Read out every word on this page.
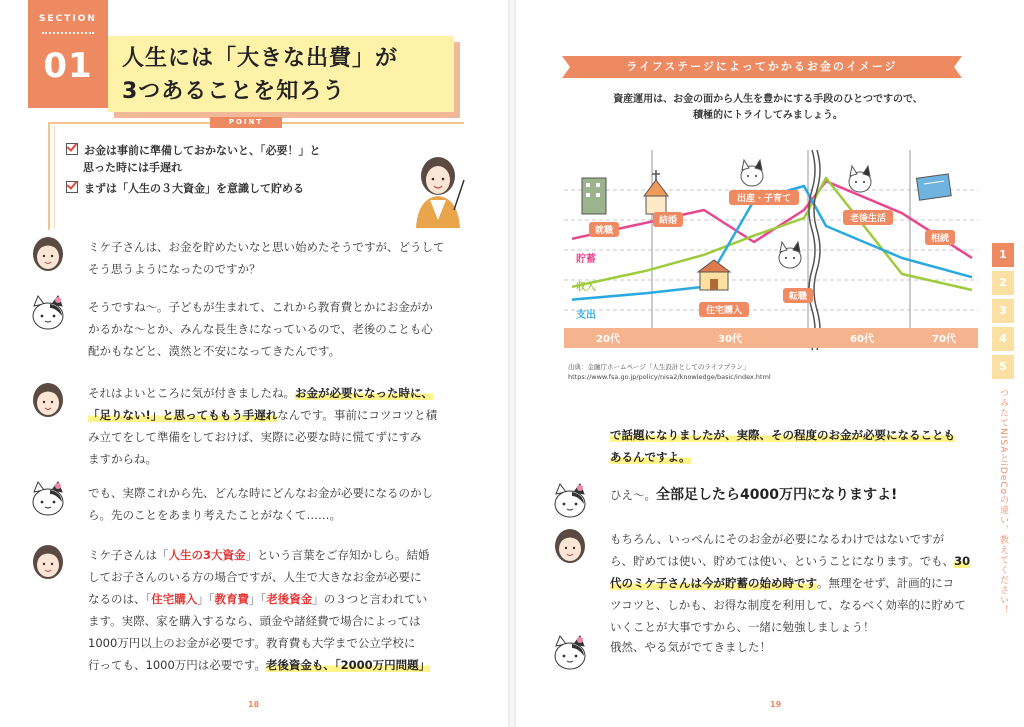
SECTION
01	人生には「大きな出費」が
3つあることを知ろう
POINT
お金は事前に準備しておかないと、「必要！」と
思った時には手遅れ
まずは「人生の３大資金」を意識して貯める
ミケ子さんは、お金を貯めたいなと思い始めたそうですが、どうして
そう思うようになったのですか？
そうですね〜。子どもが生まれて、これから教育費とかにお金がか
かるかな〜とか、みんな長生きになっているので、老後のことも心
配かもなどと、漠然と不安になってきたんです。
それはよいところに気が付きましたね。お金が必要になった時に、
「足りない!」と思ってももう手遅れなんです。事前にコツコツと積
み立てをして準備をしておけば、実際に必要な時に慌てずにすみ
ますからね。
でも、実際これから先、どんな時にどんなお金が必要になるのかし
ら。先のことをあまり考えたことがなくて……。
ミケ子さんは「人生の3大資金」という言葉をご存知かしら。結婚
してお子さんのいる方の場合ですが、人生で大きなお金が必要に
なるのは、「住宅購入」「教育費」「老後資金」の３つと言われてい
ます。実際、家を購入するなら、頭金や諸経費で場合によっては
1000万円以上のお金が必要です。教育費も大学まで公立学校に
行っても、1000万円は必要です。老後資金も、「2000万円問題」
18
ライフステージによってかかるお金のイメージ
資産運用は、お金の面から人生を豊かにする手段のひとつですので、
積極的にトライしてみましょう。
貯蓄
収入
支出
20代	30代	60代	70代
就職
結婚
出産・子育て
住宅購入
転職
老後生活
相続
出典：金融庁ホームページ「人生設計としてのライフプラン」
https://www.fsa.go.jp/policy/nisa2/knowledge/basic/index.html
で話題になりましたが、実際、その程度のお金が必要になることも
あるんですよ。
ひえ〜。全部足したら4000万円になりますよ!
もちろん、いっぺんにそのお金が必要になるわけではないですが
ら、貯めては使い、貯めては使い、ということになります。でも、30
代のミケ子さんは今が貯蓄の始め時です。無理をせず、計画的にコ
ツコツと、しかも、お得な制度を利用して、なるべく効率的に貯めて
いくことが大事ですから、一緒に勉強しましょう！
俄然、やる気がでてきました！
1
2
3
4
5
つみたてNISAとiDeCoの違い、教えてください！
19
